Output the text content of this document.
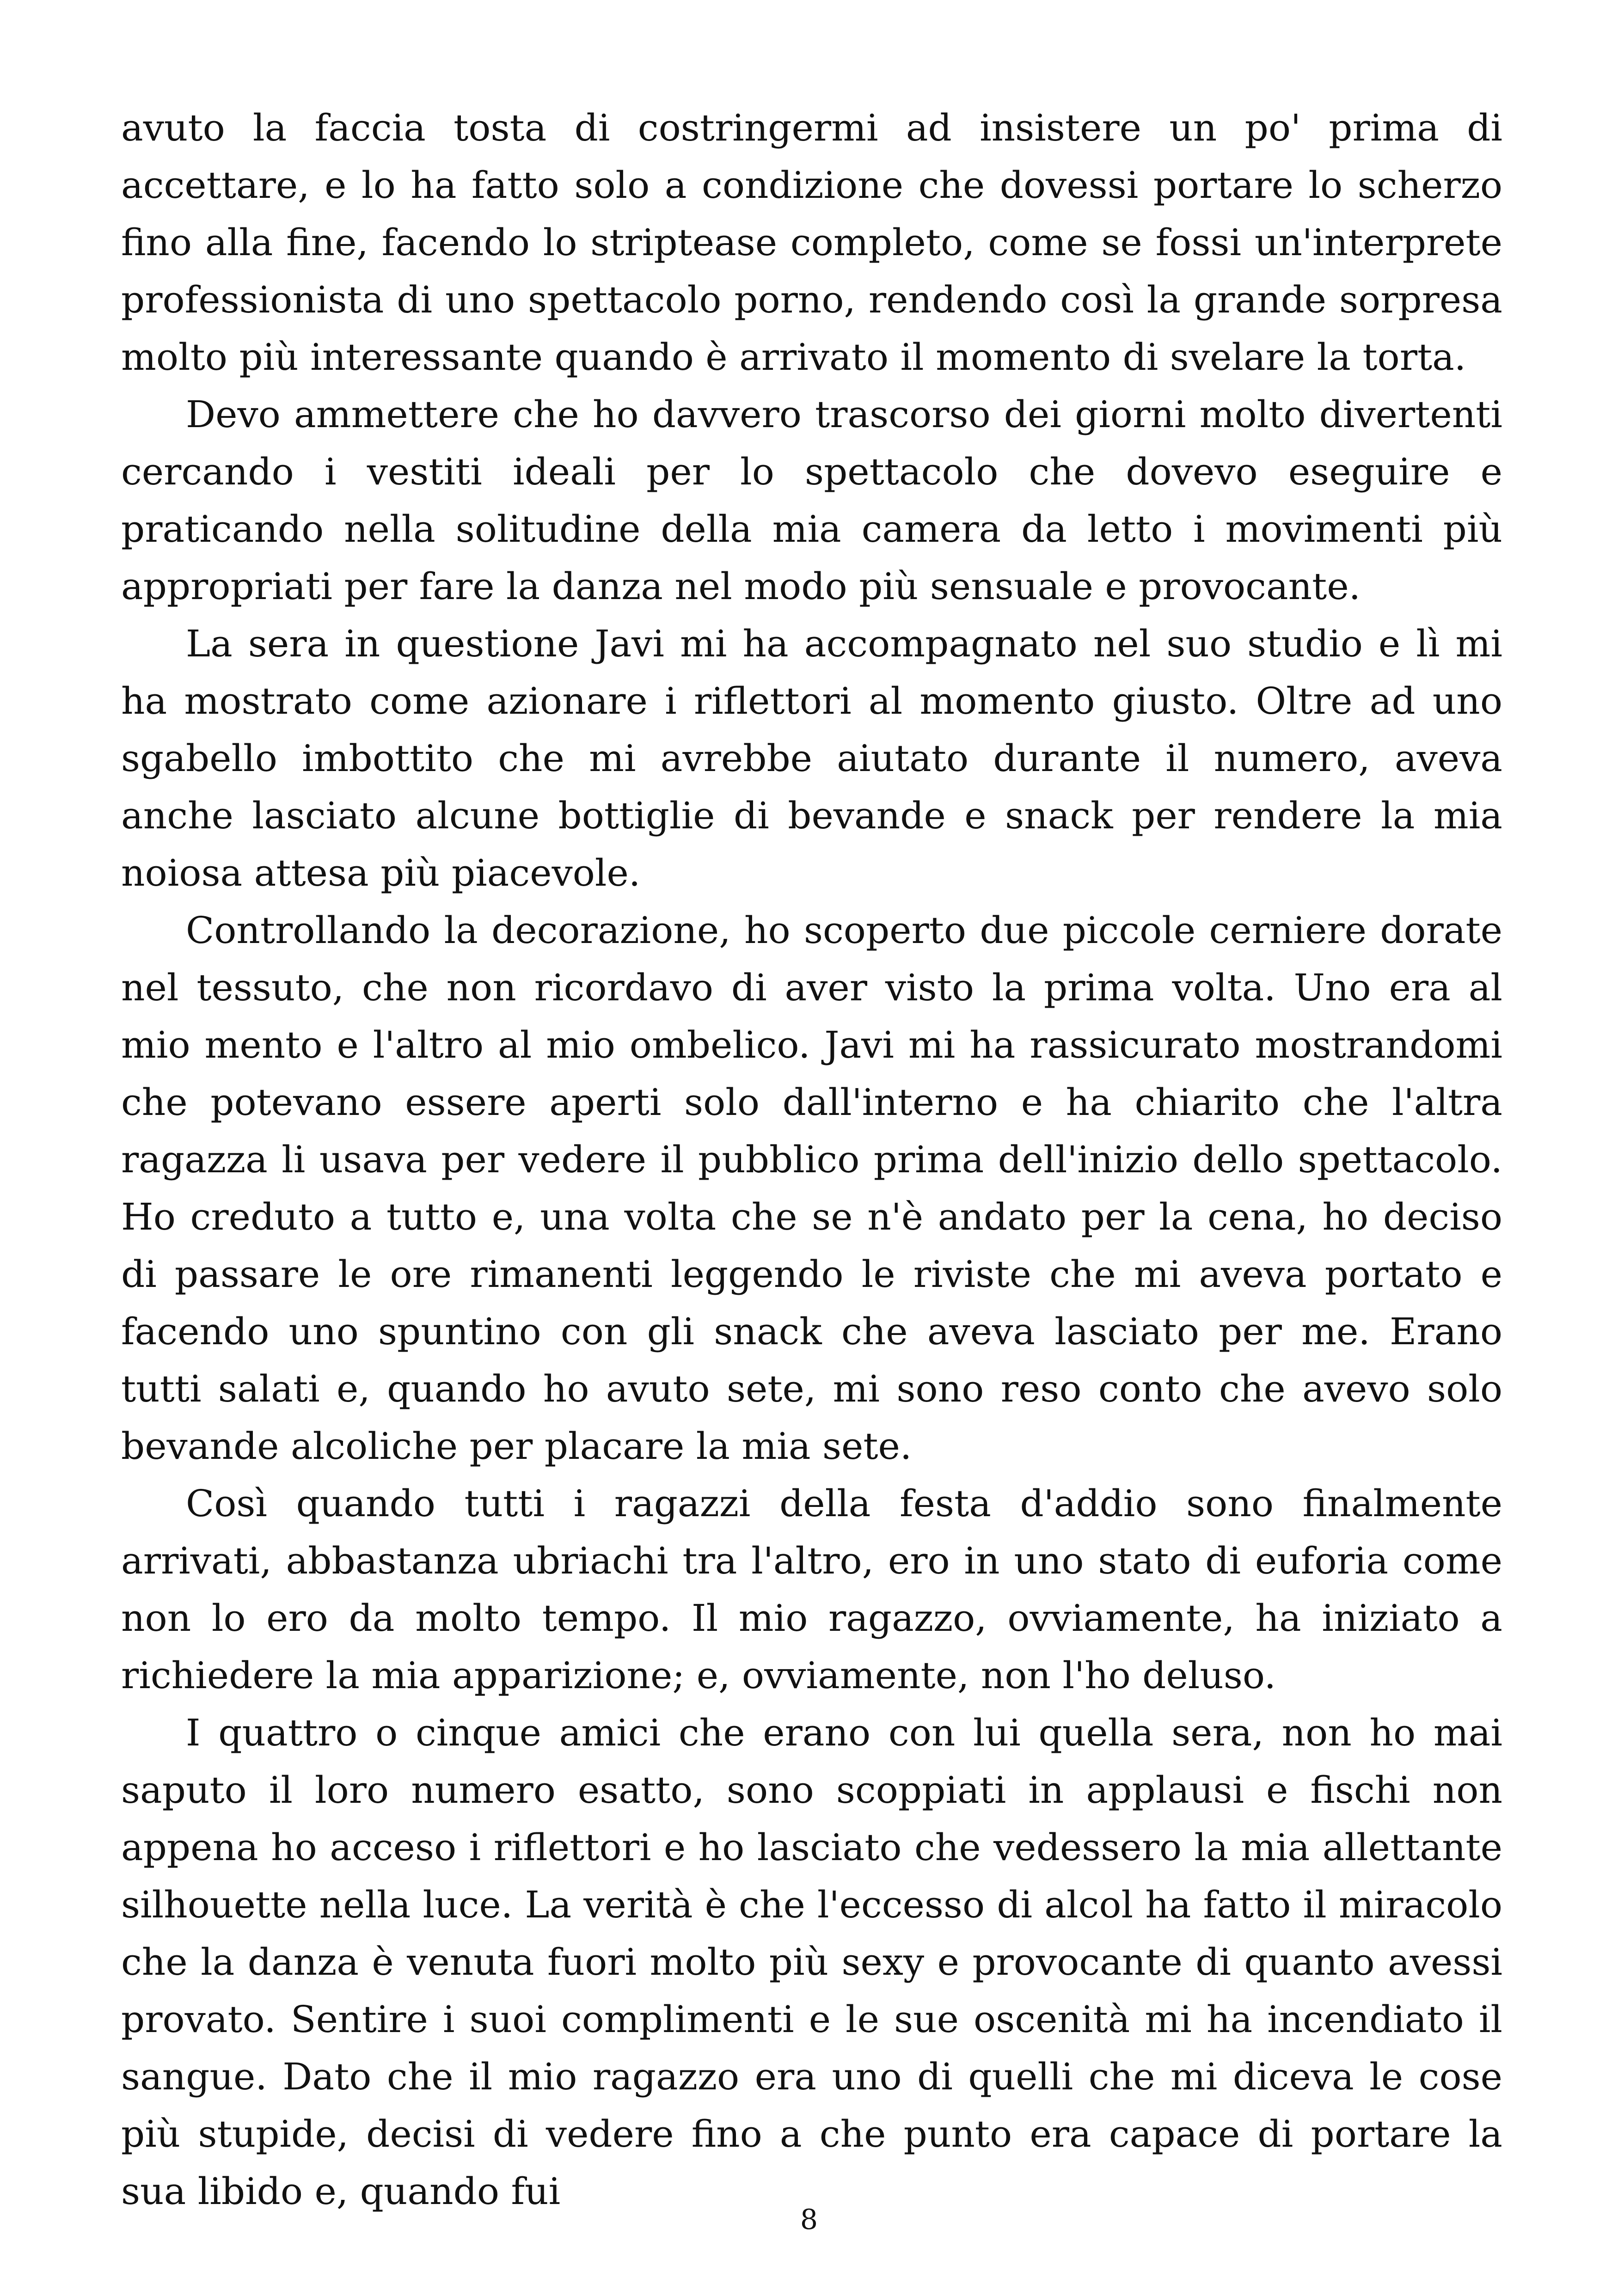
avuto la faccia tosta di costringermi ad insistere un po' prima di accettare, e lo ha fatto solo a condizione che dovessi portare lo scherzo fino alla fine, facendo lo striptease completo, come se fossi un'interprete professionista di uno spettacolo porno, rendendo così la grande sorpresa molto più interessante quando è arrivato il momento di svelare la torta.

Devo ammettere che ho davvero trascorso dei giorni molto divertenti cercando i vestiti ideali per lo spettacolo che dovevo eseguire e praticando nella solitudine della mia camera da letto i movimenti più appropriati per fare la danza nel modo più sensuale e provocante.

La sera in questione Javi mi ha accompagnato nel suo studio e lì mi ha mostrato come azionare i riflettori al momento giusto. Oltre ad uno sgabello imbottito che mi avrebbe aiutato durante il numero, aveva anche lasciato alcune bottiglie di bevande e snack per rendere la mia noiosa attesa più piacevole.

Controllando la decorazione, ho scoperto due piccole cerniere dorate nel tessuto, che non ricordavo di aver visto la prima volta. Uno era al mio mento e l'altro al mio ombelico. Javi mi ha rassicurato mostrandomi che potevano essere aperti solo dall'interno e ha chiarito che l'altra ragazza li usava per vedere il pubblico prima dell'inizio dello spettacolo. Ho creduto a tutto e, una volta che se n'è andato per la cena, ho deciso di passare le ore rimanenti leggendo le riviste che mi aveva portato e facendo uno spuntino con gli snack che aveva lasciato per me. Erano tutti salati e, quando ho avuto sete, mi sono reso conto che avevo solo bevande alcoliche per placare la mia sete.

Così quando tutti i ragazzi della festa d'addio sono finalmente arrivati, abbastanza ubriachi tra l'altro, ero in uno stato di euforia come non lo ero da molto tempo. Il mio ragazzo, ovviamente, ha iniziato a richiedere la mia apparizione; e, ovviamente, non l'ho deluso.

I quattro o cinque amici che erano con lui quella sera, non ho mai saputo il loro numero esatto, sono scoppiati in applausi e fischi non appena ho acceso i riflettori e ho lasciato che vedessero la mia allettante silhouette nella luce. La verità è che l'eccesso di alcol ha fatto il miracolo che la danza è venuta fuori molto più sexy e provocante di quanto avessi provato. Sentire i suoi complimenti e le sue oscenità mi ha incendiato il sangue. Dato che il mio ragazzo era uno di quelli che mi diceva le cose più stupide, decisi di vedere fino a che punto era capace di portare la sua libido e, quando fui

8
